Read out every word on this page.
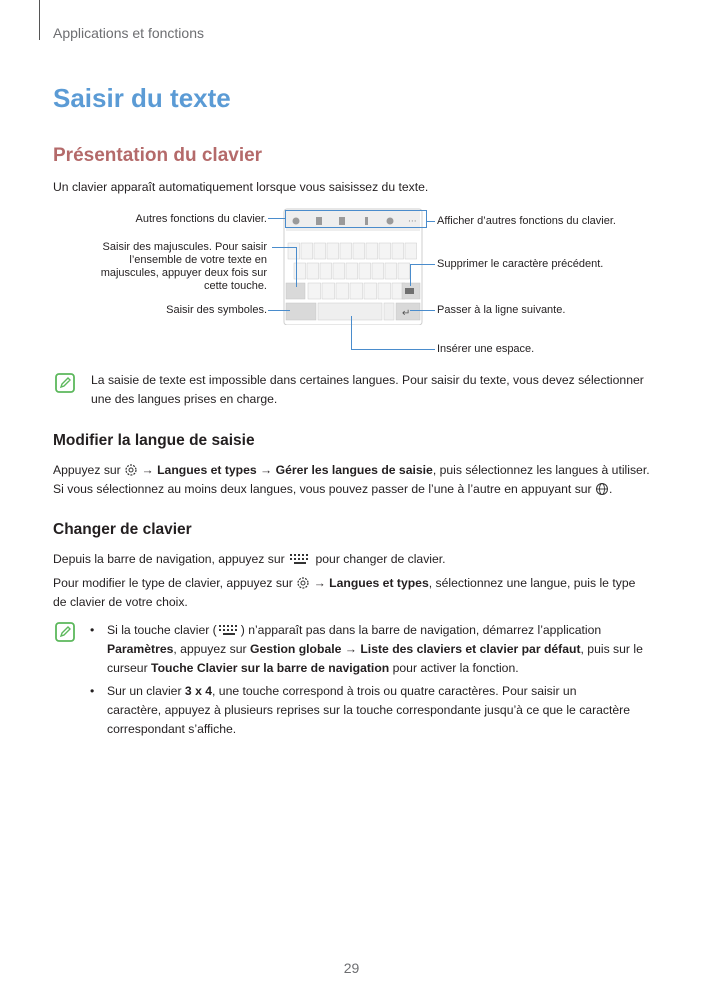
Applications et fonctions
Saisir du texte
Présentation du clavier
Un clavier apparaît automatiquement lorsque vous saisissez du texte.
···
↵
Autres fonctions du clavier.
Saisir des majuscules. Pour saisir
l’ensemble de votre texte en
majuscules, appuyer deux fois sur
cette touche.
Saisir des symboles.
Afficher d’autres fonctions du clavier.
Supprimer le caractère précédent.
Passer à la ligne suivante.
Insérer une espace.
La saisie de texte est impossible dans certaines langues. Pour saisir du texte, vous devez sélectionner
une des langues prises en charge.
Modifier la langue de saisie
Appuyez sur  → Langues et types → Gérer les langues de saisie, puis sélectionnez les langues à utiliser.
Si vous sélectionnez au moins deux langues, vous pouvez passer de l’une à l’autre en appuyant sur .
Changer de clavier
Depuis la barre de navigation, appuyez sur  pour changer de clavier.
Pour modifier le type de clavier, appuyez sur  → Langues et types, sélectionnez une langue, puis le type
de clavier de votre choix.
• Si la touche clavier ( ) n’apparaît pas dans la barre de navigation, démarrez l’application
Paramètres, appuyez sur Gestion globale → Liste des claviers et clavier par défaut, puis sur le
curseur Touche Clavier sur la barre de navigation pour activer la fonction.
• Sur un clavier 3 x 4, une touche correspond à trois ou quatre caractères. Pour saisir un
caractère, appuyez à plusieurs reprises sur la touche correspondante jusqu’à ce que le caractère
correspondant s’affiche.
29
